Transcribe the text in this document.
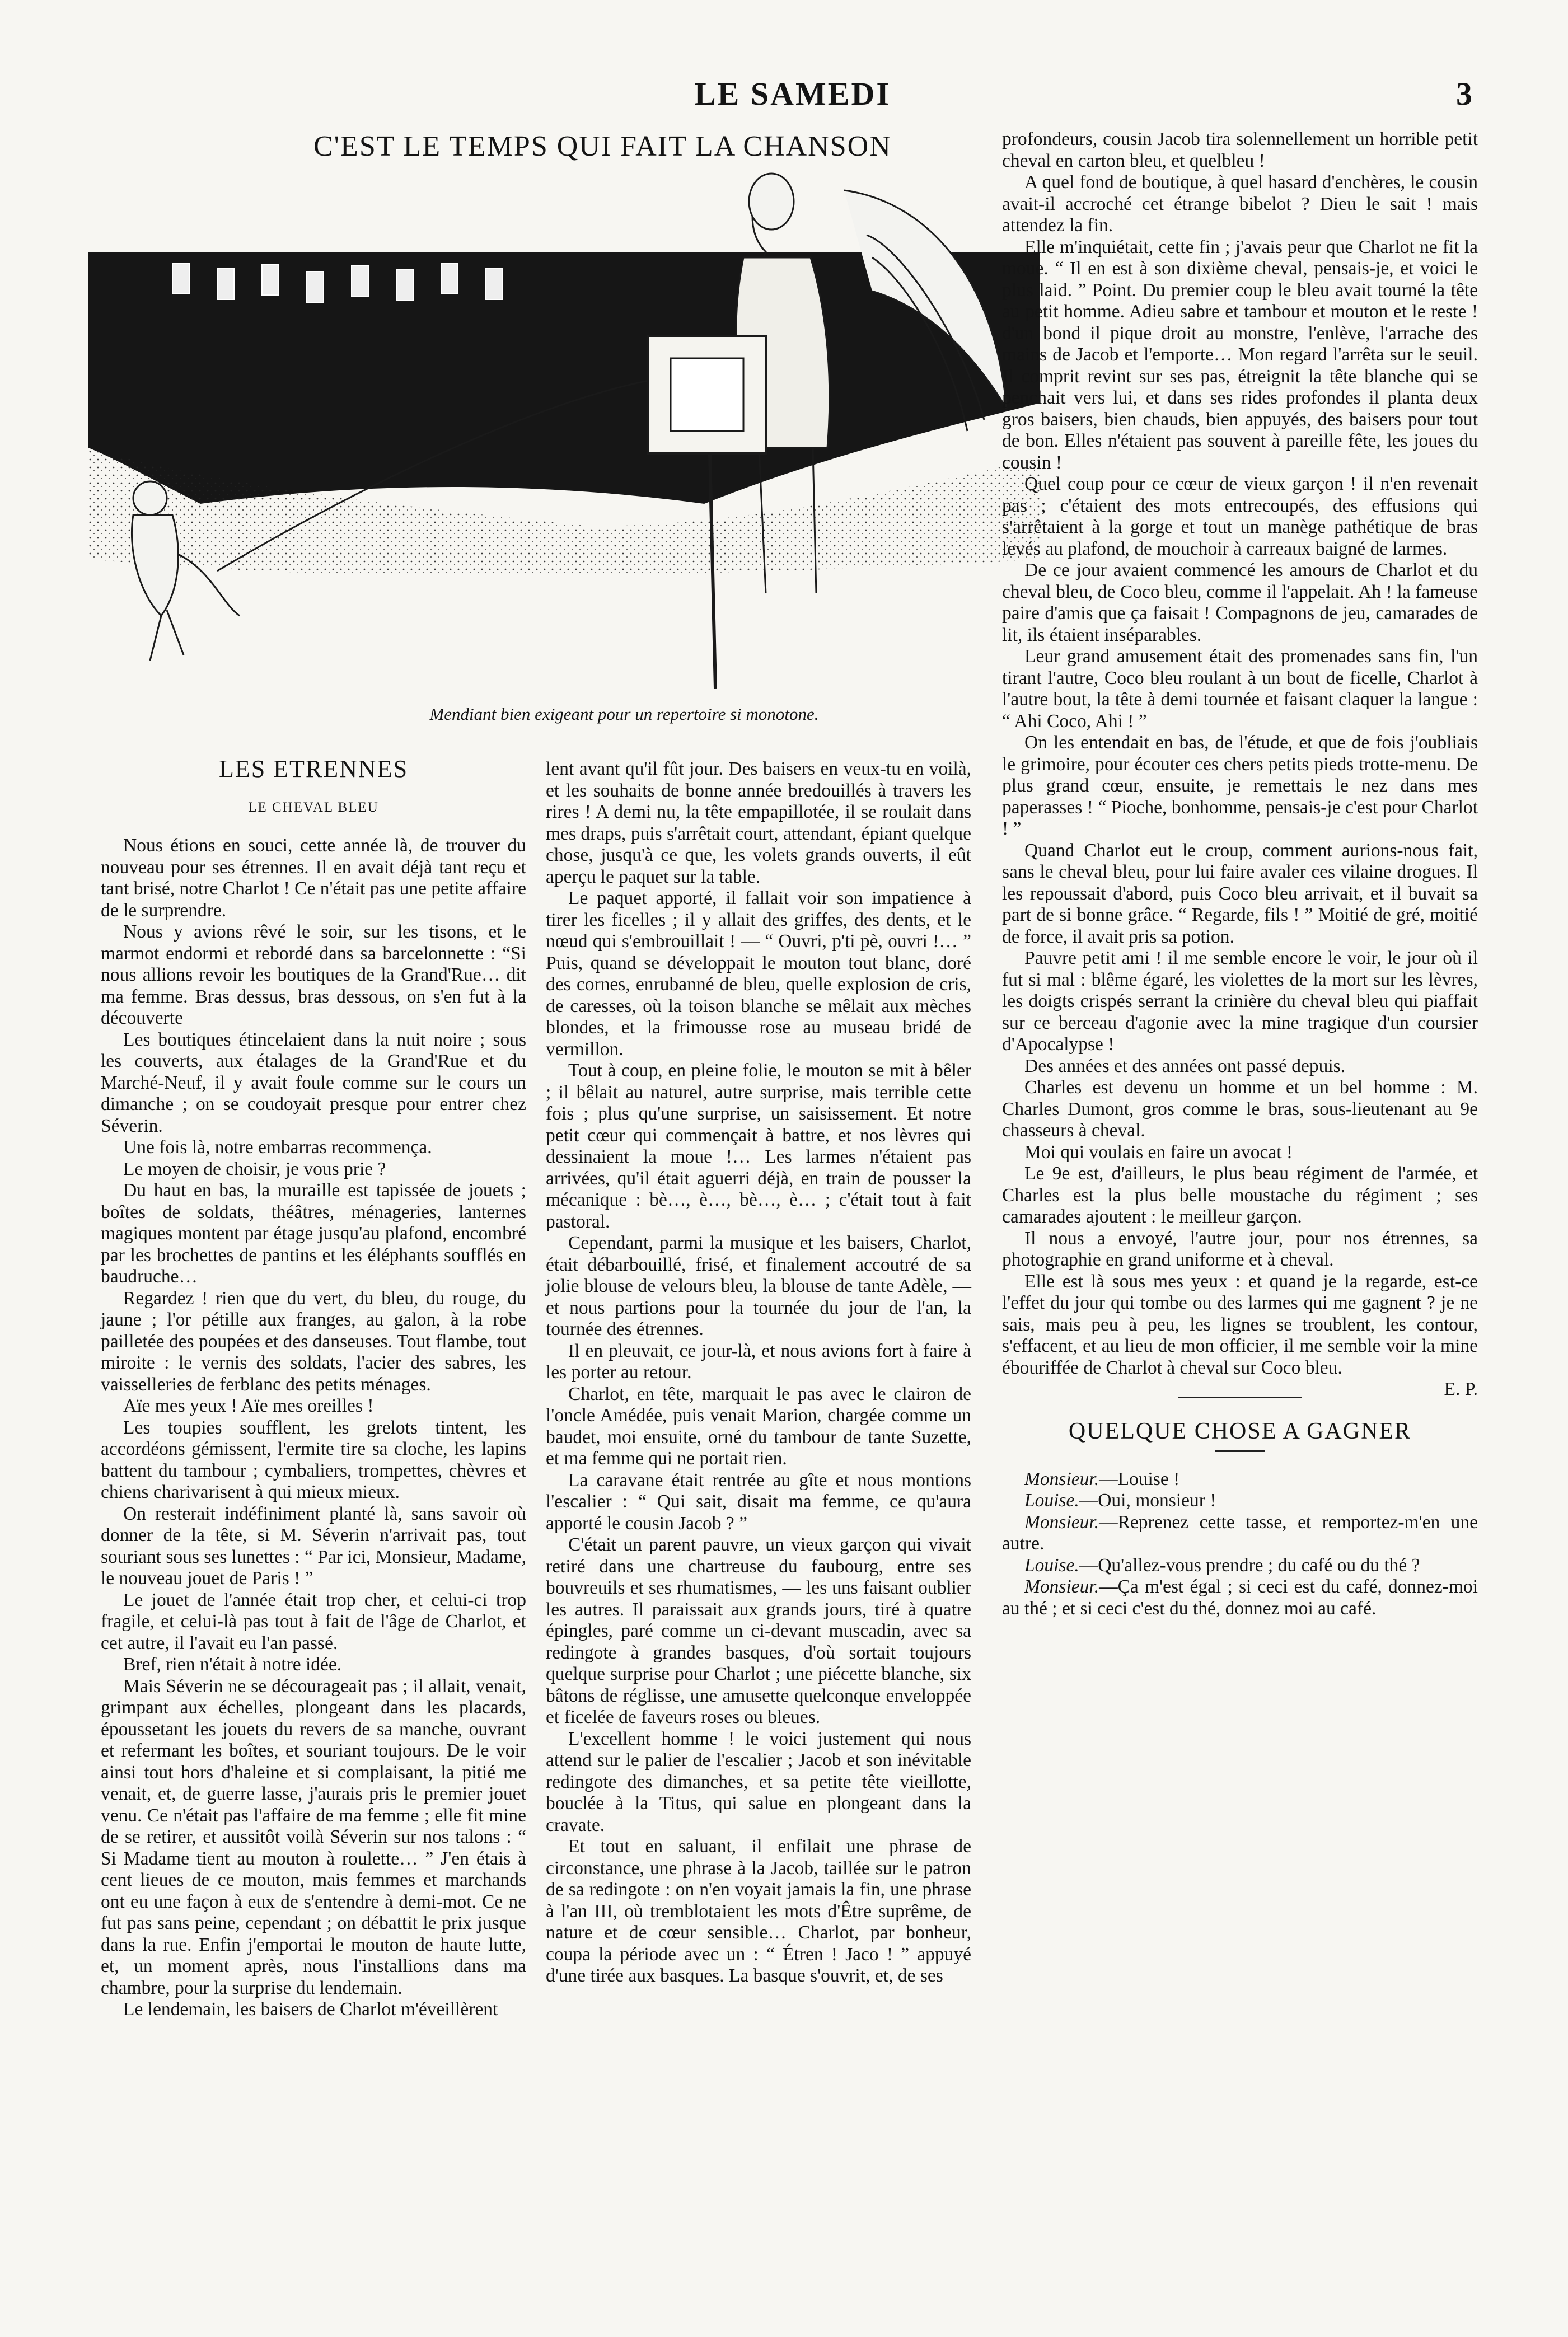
LE SAMEDI	3
C'EST LE TEMPS QUI FAIT LA CHANSON
Mendiant bien exigeant pour un repertoire si monotone.
LES ETRENNES
LE CHEVAL BLEU

Nous étions en souci, cette année là, de trouver du nouveau pour ses étrennes. Il en avait déjà tant reçu et tant brisé, notre Charlot ! Ce n'était pas une petite affaire de le surprendre.

Nous y avions rêvé le soir, sur les tisons, et le marmot endormi et rebordé dans sa barcelonnette : “Si nous allions revoir les boutiques de la Grand'Rue… dit ma femme. Bras dessus, bras dessous, on s'en fut à la découverte

Les boutiques étincelaient dans la nuit noire ; sous les couverts, aux étalages de la Grand'Rue et du Marché-Neuf, il y avait foule comme sur le cours un dimanche ; on se coudoyait presque pour entrer chez Séverin.

Une fois là, notre embarras recommença.

Le moyen de choisir, je vous prie ?

Du haut en bas, la muraille est tapissée de jouets ; boîtes de soldats, théâtres, ménageries, lanternes magiques montent par étage jusqu'au plafond, encombré par les brochettes de pantins et les éléphants soufflés en baudruche…

Regardez ! rien que du vert, du bleu, du rouge, du jaune ; l'or pétille aux franges, au galon, à la robe pailletée des poupées et des danseuses. Tout flambe, tout miroite : le vernis des soldats, l'acier des sabres, les vaisselleries de ferblanc des petits ménages.

Aïe mes yeux ! Aïe mes oreilles !

Les toupies soufflent, les grelots tintent, les accordéons gémissent, l'ermite tire sa cloche, les lapins battent du tambour ; cymbaliers, trompettes, chèvres et chiens charivarisent à qui mieux mieux.

On resterait indéfiniment planté là, sans savoir où donner de la tête, si M. Séverin n'arrivait pas, tout souriant sous ses lunettes : “ Par ici, Monsieur, Madame, le nouveau jouet de Paris ! ”

Le jouet de l'année était trop cher, et celui-ci trop fragile, et celui-là pas tout à fait de l'âge de Charlot, et cet autre, il l'avait eu l'an passé.

Bref, rien n'était à notre idée.

Mais Séverin ne se décourageait pas ; il allait, venait, grimpant aux échelles, plongeant dans les placards, époussetant les jouets du revers de sa manche, ouvrant et refermant les boîtes, et souriant toujours. De le voir ainsi tout hors d'haleine et si complaisant, la pitié me venait, et, de guerre lasse, j'aurais pris le premier jouet venu. Ce n'était pas l'affaire de ma femme ; elle fit mine de se retirer, et aussitôt voilà Séverin sur nos talons : “ Si Madame tient au mouton à roulette… ” J'en étais à cent lieues de ce mouton, mais femmes et marchands ont eu une façon à eux de s'entendre à demi-mot. Ce ne fut pas sans peine, cependant ; on débattit le prix jusque dans la rue. Enfin j'emportai le mouton de haute lutte, et, un moment après, nous l'installions dans ma chambre, pour la surprise du lendemain.

Le lendemain, les baisers de Charlot m'éveillèrent

lent avant qu'il fût jour. Des baisers en veux-tu en voilà, et les souhaits de bonne année bredouillés à travers les rires ! A demi nu, la tête empapillotée, il se roulait dans mes draps, puis s'arrêtait court, attendant, épiant quelque chose, jusqu'à ce que, les volets grands ouverts, il eût aperçu le paquet sur la table.

Le paquet apporté, il fallait voir son impatience à tirer les ficelles ; il y allait des griffes, des dents, et le nœud qui s'embrouillait ! — “ Ouvri, p'ti pè, ouvri !… ” Puis, quand se développait le mouton tout blanc, doré des cornes, enrubanné de bleu, quelle explosion de cris, de caresses, où la toison blanche se mêlait aux mèches blondes, et la frimousse rose au museau bridé de vermillon.

Tout à coup, en pleine folie, le mouton se mit à bêler ; il bêlait au naturel, autre surprise, mais terrible cette fois ; plus qu'une surprise, un saisissement. Et notre petit cœur qui commençait à battre, et nos lèvres qui dessinaient la moue !… Les larmes n'étaient pas arrivées, qu'il était aguerri déjà, en train de pousser la mécanique : bè…, è…, bè…, è… ; c'était tout à fait pastoral.

Cependant, parmi la musique et les baisers, Charlot, était débarbouillé, frisé, et finalement accoutré de sa jolie blouse de velours bleu, la blouse de tante Adèle, — et nous partions pour la tournée du jour de l'an, la tournée des étrennes.

Il en pleuvait, ce jour-là, et nous avions fort à faire à les porter au retour.

Charlot, en tête, marquait le pas avec le clairon de l'oncle Amédée, puis venait Marion, chargée comme un baudet, moi ensuite, orné du tambour de tante Suzette, et ma femme qui ne portait rien.

La caravane était rentrée au gîte et nous montions l'escalier : “ Qui sait, disait ma femme, ce qu'aura apporté le cousin Jacob ? ”

C'était un parent pauvre, un vieux garçon qui vivait retiré dans une chartreuse du faubourg, entre ses bouvreuils et ses rhumatismes, — les uns faisant oublier les autres. Il paraissait aux grands jours, tiré à quatre épingles, paré comme un ci-devant muscadin, avec sa redingote à grandes basques, d'où sortait toujours quelque surprise pour Charlot ; une piécette blanche, six bâtons de réglisse, une amusette quelconque enveloppée et ficelée de faveurs roses ou bleues.

L'excellent homme ! le voici justement qui nous attend sur le palier de l'escalier ; Jacob et son inévitable redingote des dimanches, et sa petite tête vieillotte, bouclée à la Titus, qui salue en plongeant dans la cravate.

Et tout en saluant, il enfilait une phrase de circonstance, une phrase à la Jacob, taillée sur le patron de sa redingote : on n'en voyait jamais la fin, une phrase à l'an III, où tremblotaient les mots d'Être suprême, de nature et de cœur sensible… Charlot, par bonheur, coupa la période avec un : “ Étren ! Jaco ! ” appuyé d'une tirée aux basques. La basque s'ouvrit, et, de ses

profondeurs, cousin Jacob tira solennellement un horrible petit cheval en carton bleu, et quelbleu !

A quel fond de boutique, à quel hasard d'enchères, le cousin avait-il accroché cet étrange bibelot ? Dieu le sait ! mais attendez la fin.

Elle m'inquiétait, cette fin ; j'avais peur que Charlot ne fit la moue. “ Il en est à son dixième cheval, pensais-je, et voici le plus laid. ” Point. Du premier coup le bleu avait tourné la tête au petit homme. Adieu sabre et tambour et mouton et le reste ! d'un bond il pique droit au monstre, l'enlève, l'arrache des mains de Jacob et l'emporte… Mon regard l'arrêta sur le seuil. Il comprit revint sur ses pas, étreignit la tête blanche qui se penchait vers lui, et dans ses rides profondes il planta deux gros baisers, bien chauds, bien appuyés, des baisers pour tout de bon. Elles n'étaient pas souvent à pareille fête, les joues du cousin !

Quel coup pour ce cœur de vieux garçon ! il n'en revenait pas ; c'étaient des mots entrecoupés, des effusions qui s'arrêtaient à la gorge et tout un manège pathétique de bras levés au plafond, de mouchoir à carreaux baigné de larmes.

De ce jour avaient commencé les amours de Charlot et du cheval bleu, de Coco bleu, comme il l'appelait. Ah ! la fameuse paire d'amis que ça faisait ! Compagnons de jeu, camarades de lit, ils étaient inséparables.

Leur grand amusement était des promenades sans fin, l'un tirant l'autre, Coco bleu roulant à un bout de ficelle, Charlot à l'autre bout, la tête à demi tournée et faisant claquer la langue : “ Ahi Coco, Ahi ! ”

On les entendait en bas, de l'étude, et que de fois j'oubliais le grimoire, pour écouter ces chers petits pieds trotte-menu. De plus grand cœur, ensuite, je remettais le nez dans mes paperasses ! “ Pioche, bonhomme, pensais-je c'est pour Charlot ! ”

Quand Charlot eut le croup, comment aurions-nous fait, sans le cheval bleu, pour lui faire avaler ces vilaine drogues. Il les repoussait d'abord, puis Coco bleu arrivait, et il buvait sa part de si bonne grâce. “ Regarde, fils ! ” Moitié de gré, moitié de force, il avait pris sa potion.

Pauvre petit ami ! il me semble encore le voir, le jour où il fut si mal : blême égaré, les violettes de la mort sur les lèvres, les doigts crispés serrant la crinière du cheval bleu qui piaffait sur ce berceau d'agonie avec la mine tragique d'un coursier d'Apocalypse !

Des années et des années ont passé depuis.

Charles est devenu un homme et un bel homme : M. Charles Dumont, gros comme le bras, sous-lieutenant au 9e chasseurs à cheval.

Moi qui voulais en faire un avocat !

Le 9e est, d'ailleurs, le plus beau régiment de l'armée, et Charles est la plus belle moustache du régiment ; ses camarades ajoutent : le meilleur garçon.

Il nous a envoyé, l'autre jour, pour nos étrennes, sa photographie en grand uniforme et à cheval.

Elle est là sous mes yeux : et quand je la regarde, est-ce l'effet du jour qui tombe ou des larmes qui me gagnent ? je ne sais, mais peu à peu, les lignes se troublent, les contour, s'effacent, et au lieu de mon officier, il me semble voir la mine ébouriffée de Charlot à cheval sur Coco bleu.

E. P.
QUELQUE CHOSE A GAGNER

Monsieur.—Louise !

Louise.—Oui, monsieur !

Monsieur.—Reprenez cette tasse, et remportez-m'en une autre.

Louise.—Qu'allez-vous prendre ; du café ou du thé ?

Monsieur.—Ça m'est égal ; si ceci est du café, donnez-moi au thé ; et si ceci c'est du thé, donnez moi au café.
